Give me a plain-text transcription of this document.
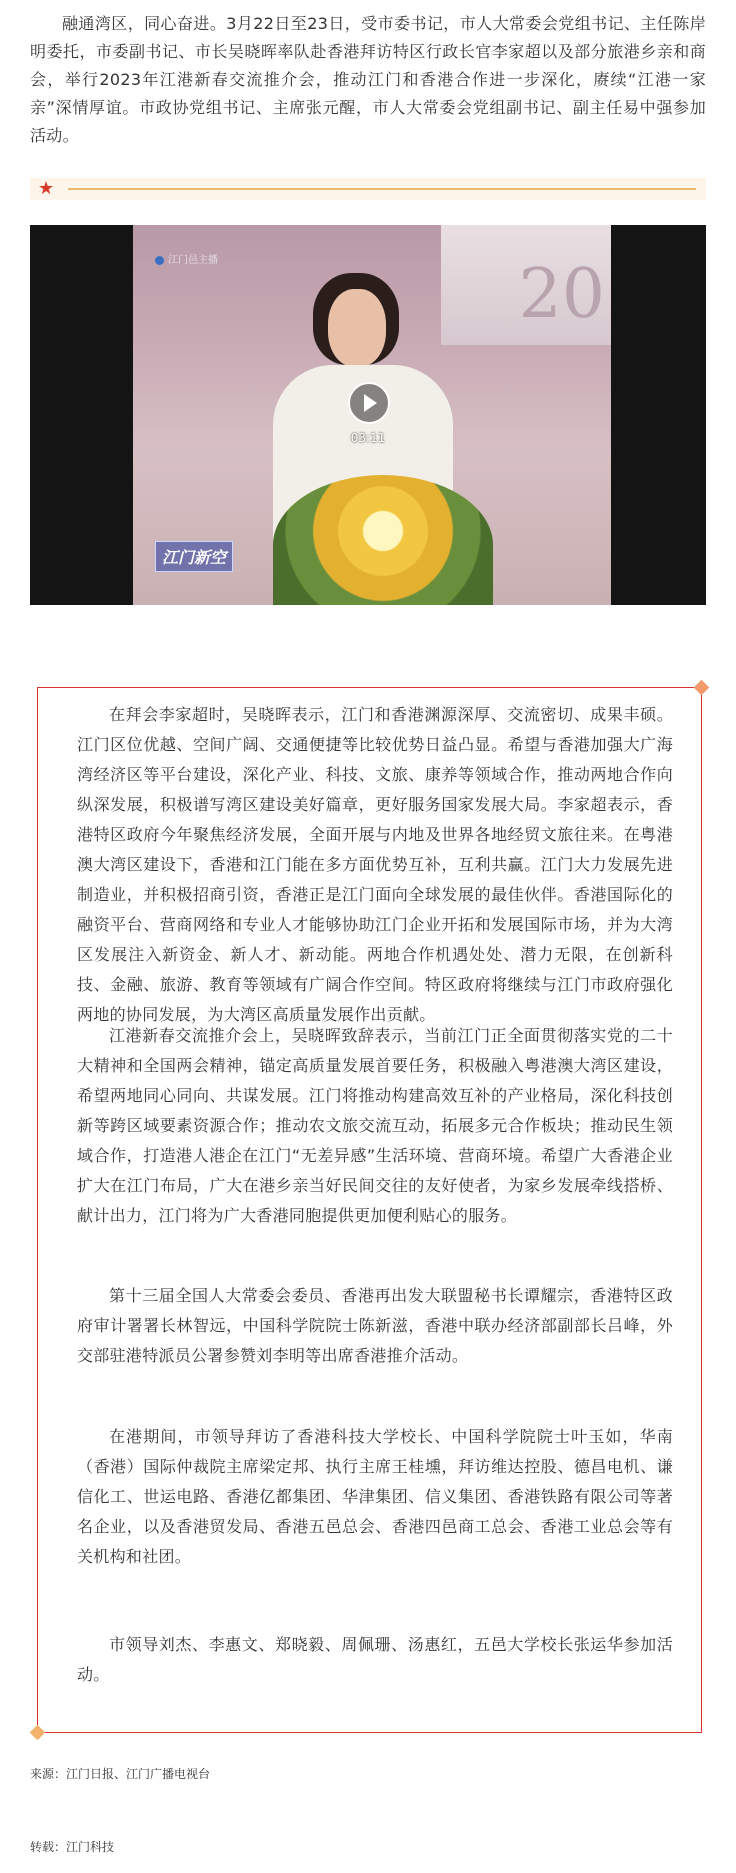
融通湾区，同心奋进。3月22日至23日，受市委书记，市人大常委会党组书记、主任陈岸明委托，市委副书记、市长吴晓晖率队赴香港拜访特区行政长官李家超以及部分旅港乡亲和商会，举行2023年江港新春交流推介会，推动江门和香港合作进一步深化，赓续“江港一家亲”深情厚谊。市政协党组书记、主席张元醒，市人大常委会党组副书记、副主任易中强参加活动。

★
20
江门邑主播
江门新空
03:11

在拜会李家超时，吴晓晖表示，江门和香港渊源深厚、交流密切、成果丰硕。江门区位优越、空间广阔、交通便捷等比较优势日益凸显。希望与香港加强大广海湾经济区等平台建设，深化产业、科技、文旅、康养等领域合作，推动两地合作向纵深发展，积极谱写湾区建设美好篇章，更好服务国家发展大局。李家超表示，香港特区政府今年聚焦经济发展，全面开展与内地及世界各地经贸文旅往来。在粤港澳大湾区建设下，香港和江门能在多方面优势互补，互利共赢。江门大力发展先进制造业，并积极招商引资，香港正是江门面向全球发展的最佳伙伴。香港国际化的融资平台、营商网络和专业人才能够协助江门企业开拓和发展国际市场，并为大湾区发展注入新资金、新人才、新动能。两地合作机遇处处、潜力无限，在创新科技、金融、旅游、教育等领域有广阔合作空间。特区政府将继续与江门市政府强化两地的协同发展，为大湾区高质量发展作出贡献。

江港新春交流推介会上，吴晓晖致辞表示，当前江门正全面贯彻落实党的二十大精神和全国两会精神，锚定高质量发展首要任务，积极融入粤港澳大湾区建设，希望两地同心同向、共谋发展。江门将推动构建高效互补的产业格局，深化科技创新等跨区域要素资源合作；推动农文旅交流互动，拓展多元合作板块；推动民生领域合作，打造港人港企在江门“无差异感”生活环境、营商环境。希望广大香港企业扩大在江门布局，广大在港乡亲当好民间交往的友好使者，为家乡发展牵线搭桥、献计出力，江门将为广大香港同胞提供更加便利贴心的服务。

第十三届全国人大常委会委员、香港再出发大联盟秘书长谭耀宗，香港特区政府审计署署长林智远，中国科学院院士陈新滋，香港中联办经济部副部长吕峰，外交部驻港特派员公署参赞刘李明等出席香港推介活动。

在港期间，市领导拜访了香港科技大学校长、中国科学院院士叶玉如，华南（香港）国际仲裁院主席梁定邦、执行主席王桂壎，拜访维达控股、德昌电机、谦信化工、世运电路、香港亿都集团、华津集团、信义集团、香港铁路有限公司等著名企业，以及香港贸发局、香港五邑总会、香港四邑商工总会、香港工业总会等有关机构和社团。

市领导刘杰、李惠文、郑晓毅、周佩珊、汤惠红，五邑大学校长张运华参加活动。

来源：江门日报、江门广播电视台
转载：江门科技
